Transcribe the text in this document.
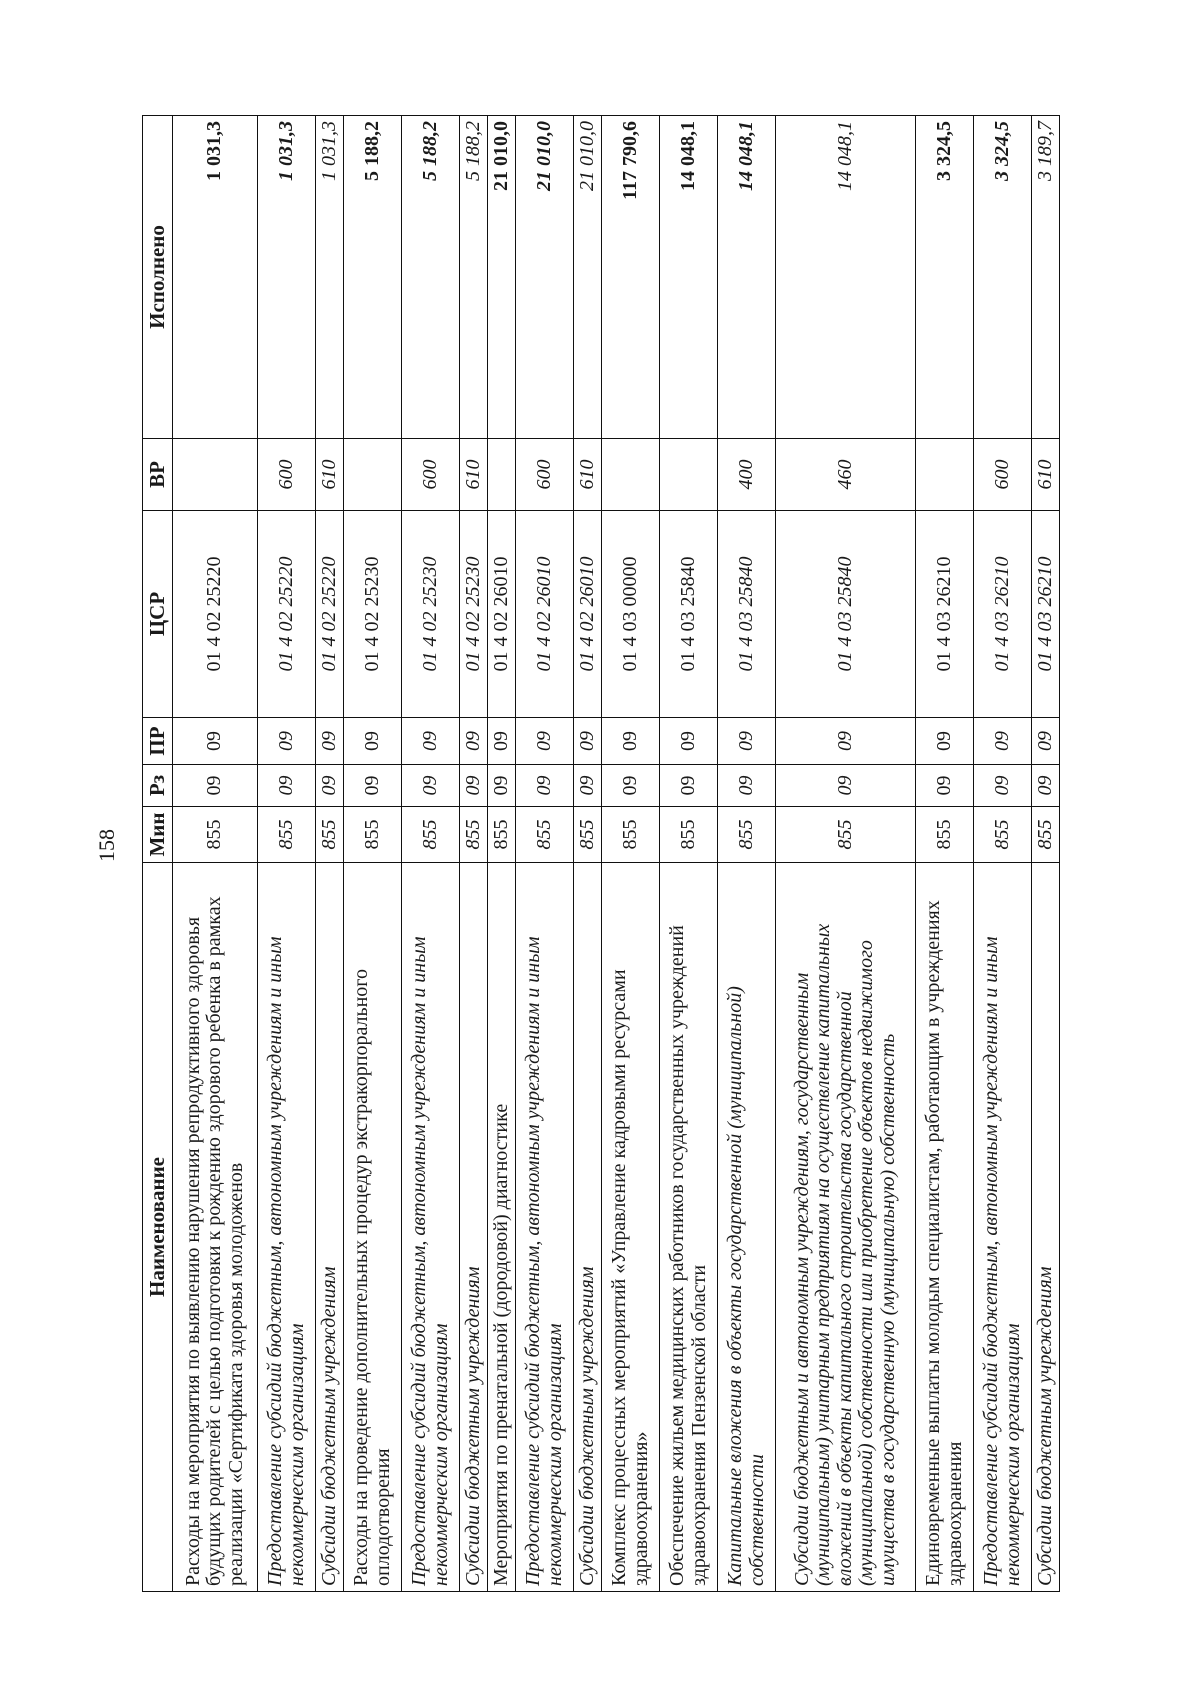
158
Наименование	Мин	Рз	ПР	ЦСР	ВР	Исполнено
Расходы на мероприятия по выявлению нарушения репродуктивного здоровья будущих родителей с целью подготовки к рождению здорового ребенка в рамках реализации «Сертификата здоровья молодоженов	855	09	09	01 4 02 25220		1 031,3
Предоставление субсидий бюджетным, автономным учреждениям и иным некоммерческим организациям	855	09	09	01 4 02 25220	600	1 031,3
Субсидии бюджетным учреждениям	855	09	09	01 4 02 25220	610	1 031,3
Расходы на проведение дополнительных процедур экстракорпорального оплодотворения	855	09	09	01 4 02 25230		5 188,2
Предоставление субсидий бюджетным, автономным учреждениям и иным некоммерческим организациям	855	09	09	01 4 02 25230	600	5 188,2
Субсидии бюджетным учреждениям	855	09	09	01 4 02 25230	610	5 188,2
Мероприятия по пренатальной (дородовой) диагностике	855	09	09	01 4 02 26010		21 010,0
Предоставление субсидий бюджетным, автономным учреждениям и иным некоммерческим организациям	855	09	09	01 4 02 26010	600	21 010,0
Субсидии бюджетным учреждениям	855	09	09	01 4 02 26010	610	21 010,0
Комплекс процессных мероприятий «Управление кадровыми ресурсами здравоохранения»	855	09	09	01 4 03 00000		117 790,6
Обеспечение жильем медицинских работников государственных учреждений здравоохранения Пензенской области	855	09	09	01 4 03 25840		14 048,1
Капитальные вложения в объекты государственной (муниципальной) собственности	855	09	09	01 4 03 25840	400	14 048,1
Субсидии бюджетным и автономным учреждениям, государственным (муниципальным) унитарным предприятиям на осуществление капитальных вложений в объекты капитального строительства государственной (муниципальной) собственности или приобретение объектов недвижимого имущества в государственную (муниципальную) собственность	855	09	09	01 4 03 25840	460	14 048,1
Единовременные выплаты молодым специалистам, работающим в учреждениях здравоохранения	855	09	09	01 4 03 26210		3 324,5
Предоставление субсидий бюджетным, автономным учреждениям и иным некоммерческим организациям	855	09	09	01 4 03 26210	600	3 324,5
Субсидии бюджетным учреждениям	855	09	09	01 4 03 26210	610	3 189,7
